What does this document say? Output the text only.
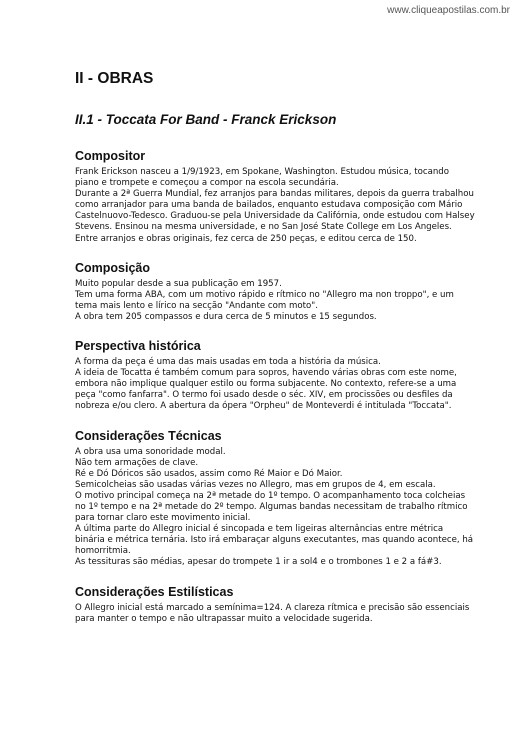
www.cliqueapostilas.com.br
II - OBRAS
II.1 - Toccata For Band - Franck Erickson
Compositor
Frank Erickson nasceu a 1/9/1923, em Spokane, Washington. Estudou música, tocando piano e trompete e começou a compor na escola secundária.
Durante a 2ª Guerra Mundial, fez arranjos para bandas militares, depois da guerra trabalhou como arranjador para uma banda de bailados, enquanto estudava composição com Mário Castelnuovo-Tedesco. Graduou-se pela Universidade da Califórnia, onde estudou com Halsey Stevens. Ensinou na mesma universidade, e no San José State College em Los Angeles. Entre arranjos e obras originais, fez cerca de 250 peças, e editou cerca de 150.
Composição
Muito popular desde a sua publicação em 1957.
Tem uma forma ABA, com um motivo rápido e rítmico no "Allegro ma non troppo", e um tema mais lento e lírico na secção "Andante com moto".
A obra tem 205 compassos e dura cerca de 5 minutos e 15 segundos.
Perspectiva histórica
A forma da peça é uma das mais usadas em toda a história da música.
A ideia de Tocatta é também comum para sopros, havendo várias obras com este nome, embora não implique qualquer estilo ou forma subjacente. No contexto, refere-se a uma peça "como fanfarra". O termo foi usado desde o séc. XIV, em procissões ou desfiles da nobreza e/ou clero. A abertura da ópera "Orpheu" de Monteverdi é intitulada "Toccata".
Considerações Técnicas
A obra usa uma sonoridade modal.
Não tem armações de clave.
Ré e Dó Dóricos são usados, assim como Ré Maior e Dó Maior.
Semicolcheias são usadas várias vezes no Allegro, mas em grupos de 4, em escala.
O motivo principal começa na 2ª metade do 1º tempo. O acompanhamento toca colcheias no 1º tempo e na 2ª metade do 2º tempo. Algumas bandas necessitam de trabalho rítmico para tornar claro este movimento inicial.
A última parte do Allegro inicial é sincopada e tem ligeiras alternâncias entre métrica binária e métrica ternária. Isto irá embaraçar alguns executantes, mas quando acontece, há homorritmia.
As tessituras são médias, apesar do trompete 1 ir a sol4 e o trombones 1 e 2 a fá#3.
Considerações Estilísticas
O Allegro inicial está marcado a semínima=124. A clareza rítmica e precisão são essenciais para manter o tempo e não ultrapassar muito a velocidade sugerida.
